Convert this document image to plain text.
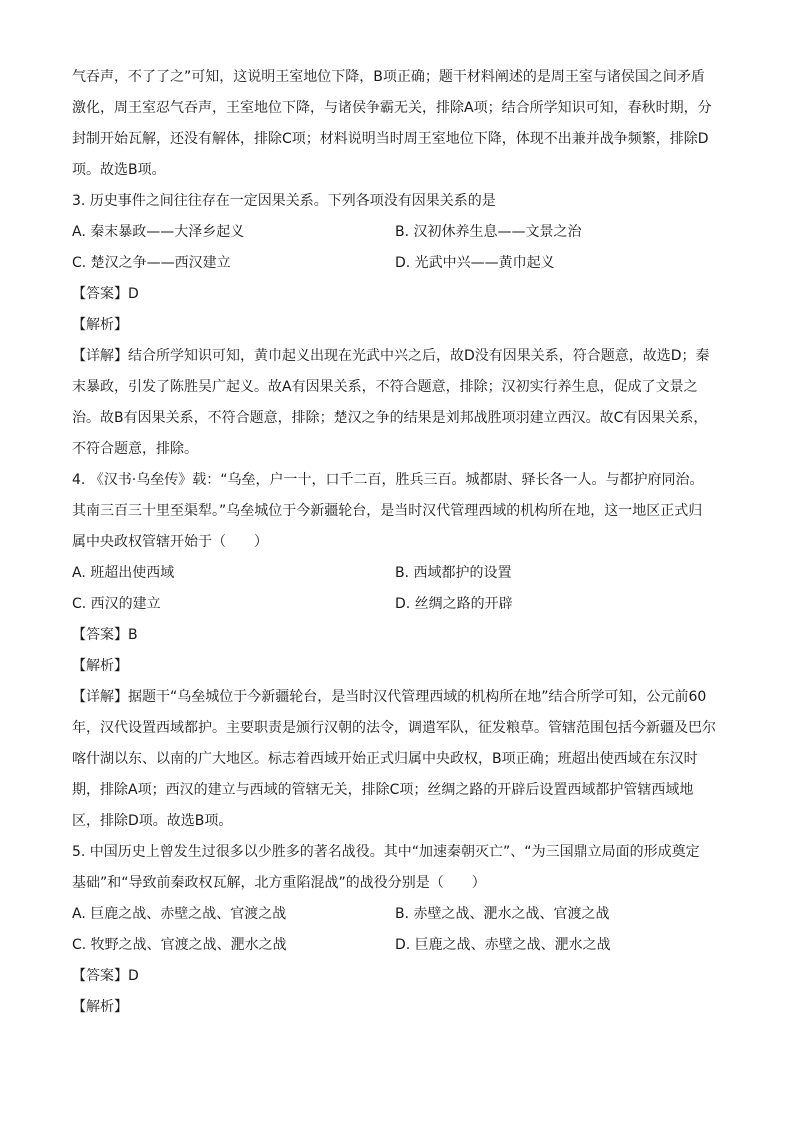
气吞声，不了了之”可知，这说明王室地位下降，B项正确；题干材料阐述的是周王室与诸侯国之间矛盾

激化，周王室忍气吞声，王室地位下降，与诸侯争霸无关，排除A项；结合所学知识可知，春秋时期，分

封制开始瓦解，还没有解体，排除C项；材料说明当时周王室地位下降，体现不出兼并战争频繁，排除D

项。故选B项。

3. 历史事件之间往往存在一定因果关系。下列各项没有因果关系的是

A. 秦末暴政——大泽乡起义	B. 汉初休养生息——文景之治
C. 楚汉之争——西汉建立	D. 光武中兴——黄巾起义

【答案】D

【解析】

【详解】结合所学知识可知，黄巾起义出现在光武中兴之后，故D没有因果关系，符合题意，故选D；秦

末暴政，引发了陈胜吴广起义。故A有因果关系，不符合题意，排除；汉初实行养生息，促成了文景之

治。故B有因果关系，不符合题意，排除；楚汉之争的结果是刘邦战胜项羽建立西汉。故C有因果关系，

不符合题意，排除。

4. 《汉书·乌垒传》载：“乌垒，户一十，口千二百，胜兵三百。城都尉、驿长各一人。与都护府同治。

其南三百三十里至渠犁。”乌垒城位于今新疆轮台，是当时汉代管理西域的机构所在地，这一地区正式归

属中央政权管辖开始于（　　）

A. 班超出使西域	B. 西域都护的设置
C. 西汉的建立	D. 丝绸之路的开辟

【答案】B

【解析】

【详解】据题干“乌垒城位于今新疆轮台，是当时汉代管理西域的机构所在地”结合所学可知，公元前60

年，汉代设置西域都护。主要职责是颁行汉朝的法令，调遣军队，征发粮草。管辖范围包括今新疆及巴尔

喀什湖以东、以南的广大地区。标志着西域开始正式归属中央政权，B项正确；班超出使西域在东汉时

期，排除A项；西汉的建立与西域的管辖无关，排除C项；丝绸之路的开辟后设置西域都护管辖西域地

区，排除D项。故选B项。

5. 中国历史上曾发生过很多以少胜多的著名战役。其中“加速秦朝灭亡”、“为三国鼎立局面的形成奠定

基础”和“导致前秦政权瓦解，北方重陷混战”的战役分别是（　　）

A. 巨鹿之战、赤壁之战、官渡之战	B. 赤壁之战、淝水之战、官渡之战
C. 牧野之战、官渡之战、淝水之战	D. 巨鹿之战、赤壁之战、淝水之战

【答案】D

【解析】
